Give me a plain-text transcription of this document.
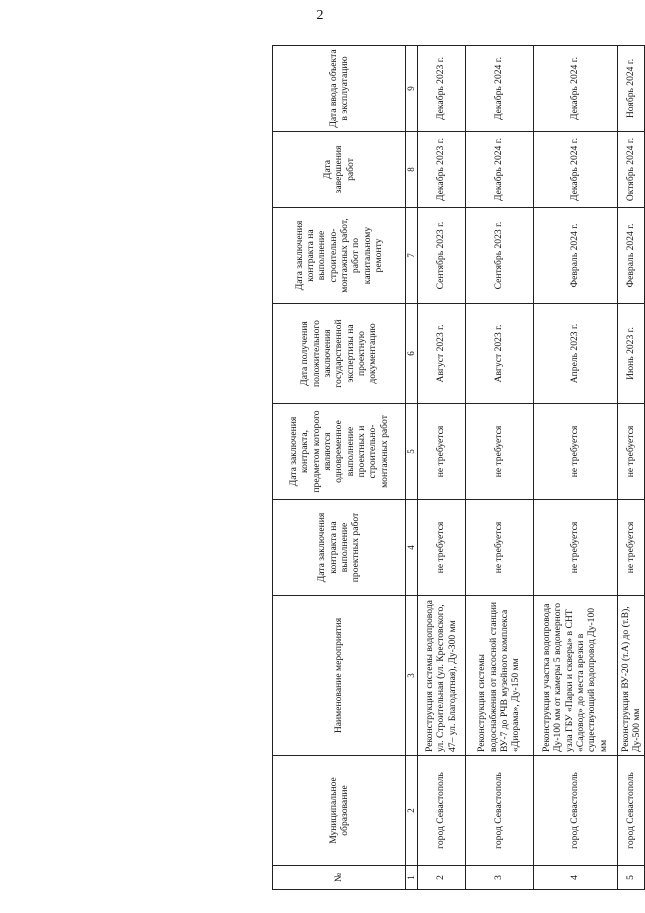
2
№	Муниципальное образование	Наименование мероприятия	Дата заключения контракта на выполнение проектных работ	Дата заключения контракта, предметом которого являются одновременное выполнение проектных и строительно-монтажных работ	Дата получения положительного заключения государственной экспертизы на проектную документацию	Дата заключения контракта на выполнение строительно-монтажных работ, работ по капитальному ремонту	Дата завершения работ	Дата ввода объекта в эксплуатацию
1	2	3	4	5	6	7	8	9
2	город Севастополь	Реконструкция системы водопровода ул. Строительная (ул. Крестовского, 47– ул. Благодатная), Ду-300 мм	не требуется	не требуется	Август 2023 г.	Сентябрь 2023 г.	Декабрь 2023 г.	Декабрь 2023 г.
3	город Севастополь	Реконструкция системы водоснабжения от насосной станции ВУ-7 до РЧВ музейного комплекса «Диорама», Ду-150 мм	не требуется	не требуется	Август 2023 г.	Сентябрь 2023 г.	Декабрь 2024 г.	Декабрь 2024 г.
4	город Севастополь	Реконструкция участка водопровода Ду-100 мм от камеры 5 водомерного узла ГБУ «Парки и скверы» в СНТ «Садовод» до места врезки в существующий водопровод Ду-100 мм	не требуется	не требуется	Апрель 2023 г.	Февраль 2024 г.	Декабрь 2024 г.	Декабрь 2024 г.
5	город Севастополь	Реконструкция ВУ-20 (т.А) до (т.В), Ду-500 мм	не требуется	не требуется	Июнь 2023 г.	Февраль 2024 г.	Октябрь 2024 г.	Ноябрь 2024 г.
